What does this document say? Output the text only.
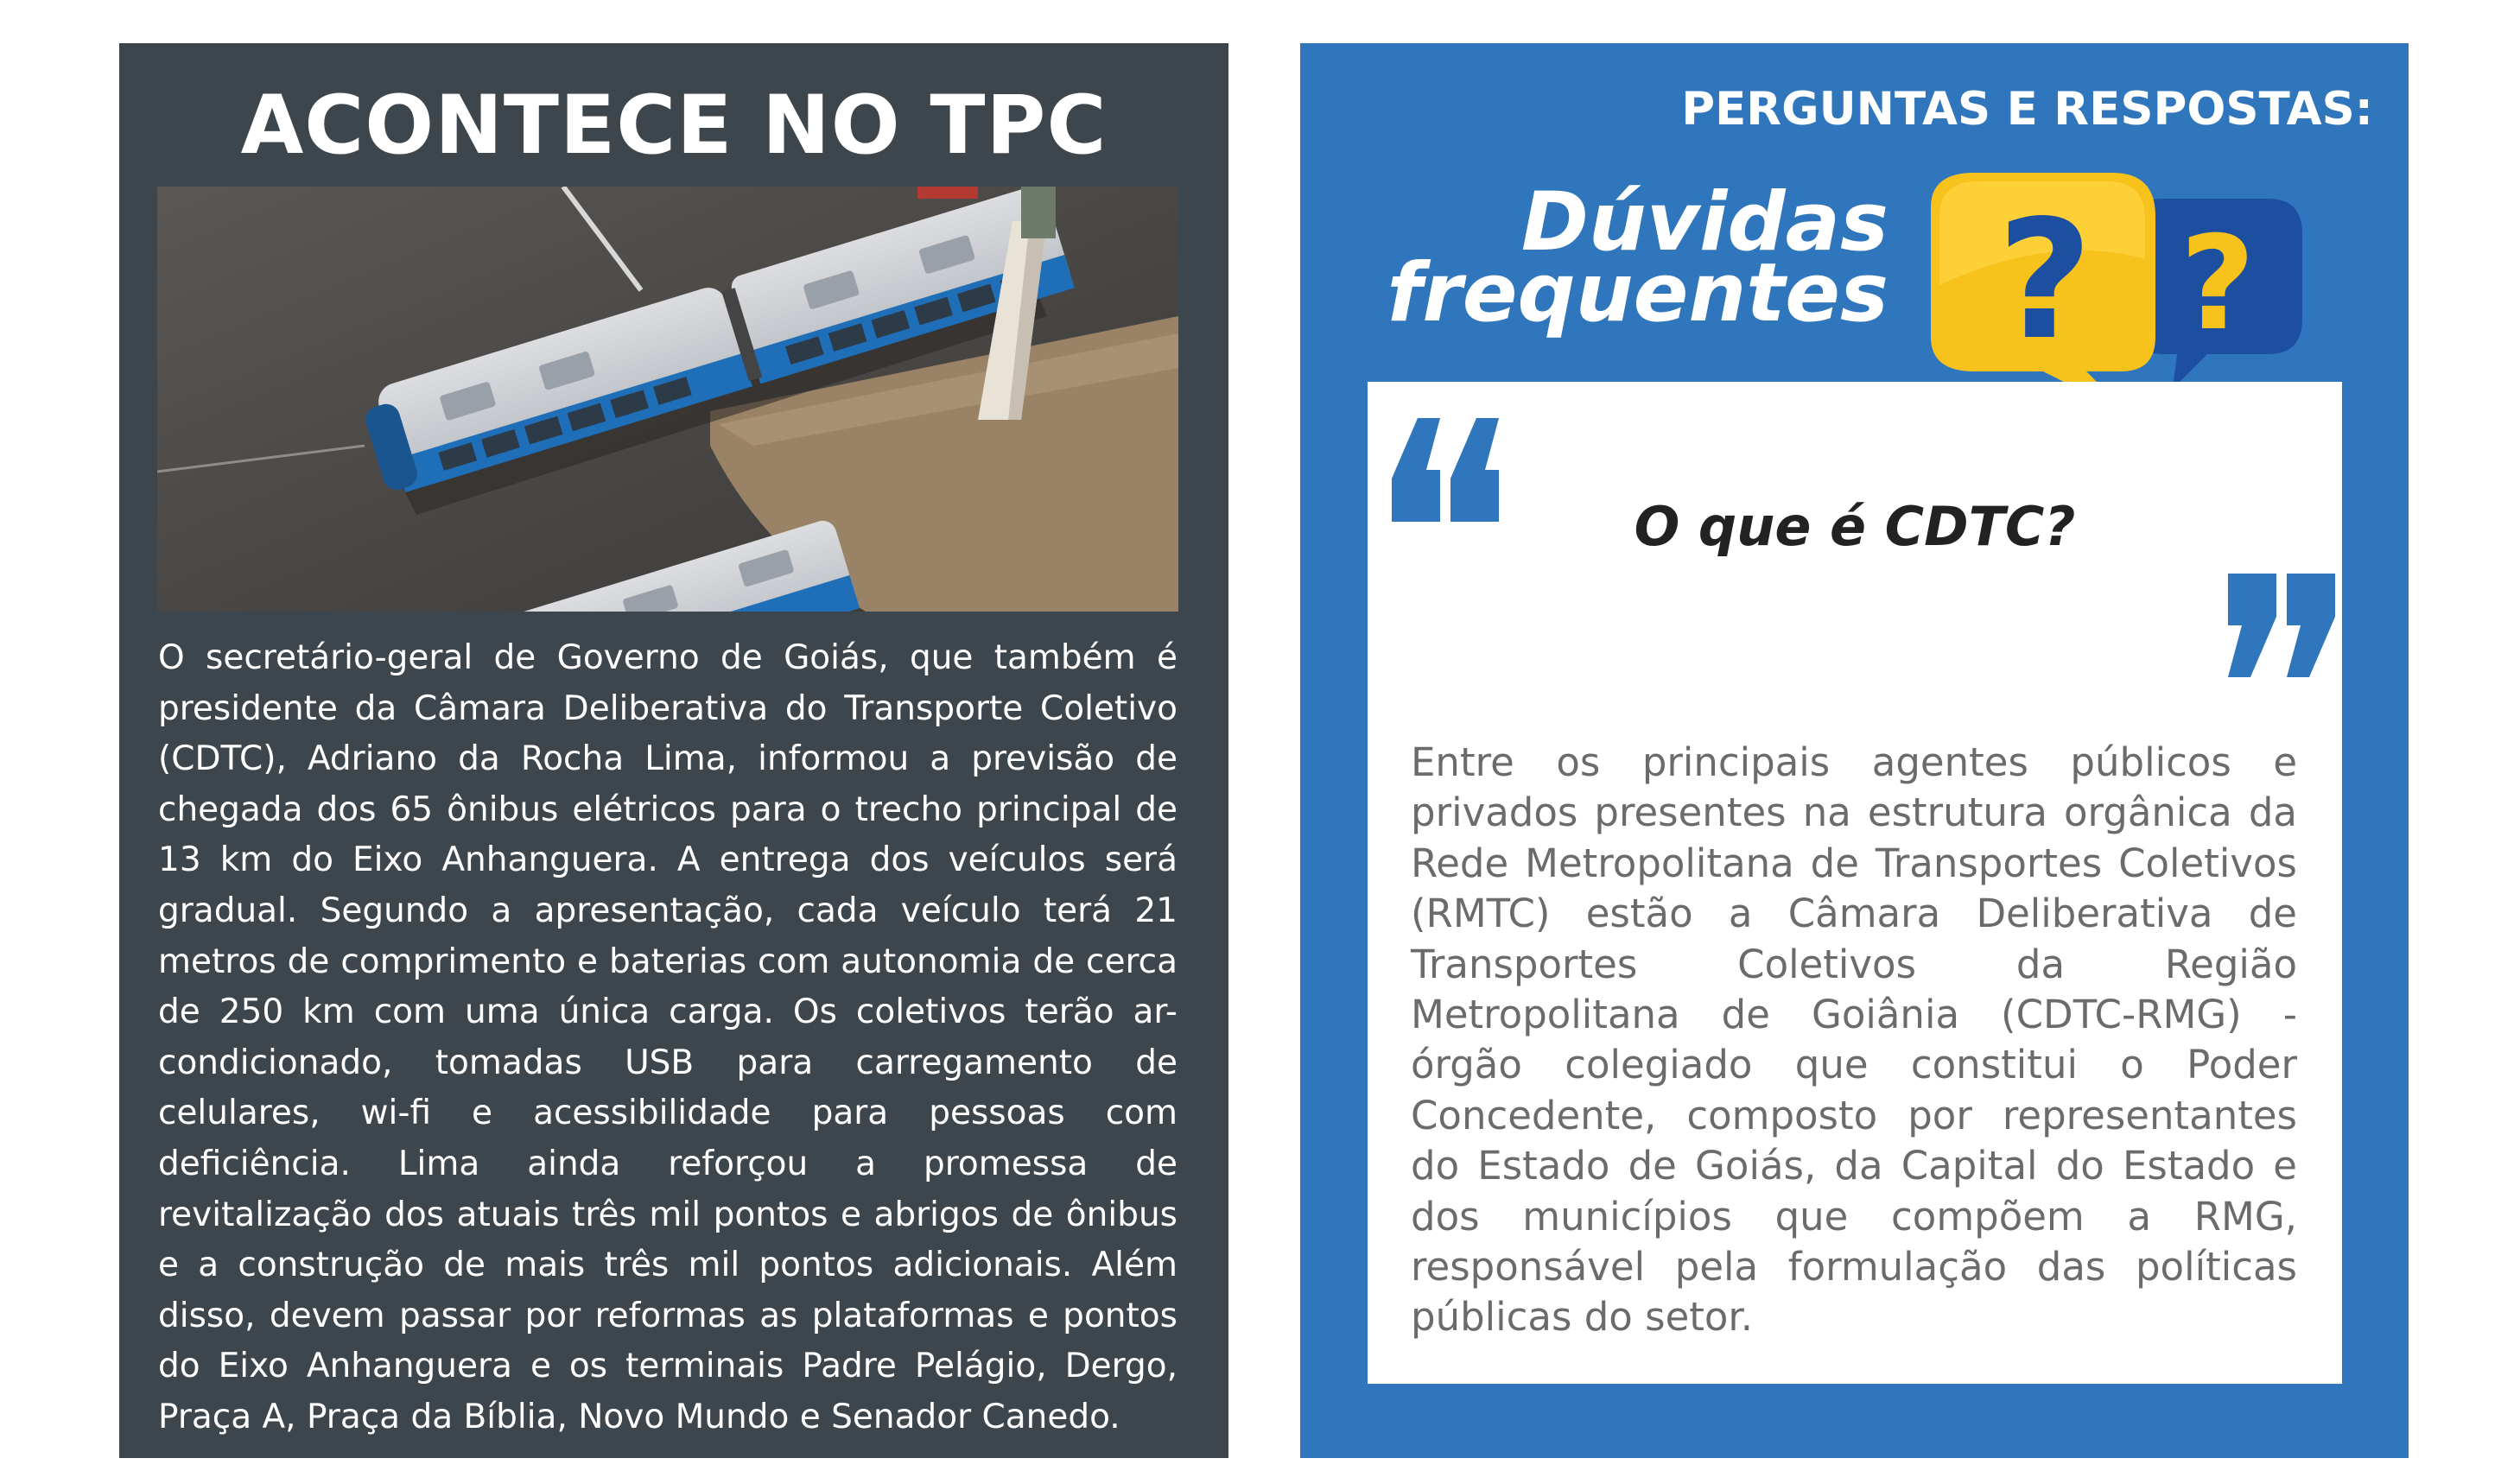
ACONTECE NO TPC

O secretário-geral de Governo de Goiás, que também é presidente da Câmara Deliberativa do Transporte Coletivo (CDTC), Adriano da Rocha Lima, informou a previsão de chegada dos 65 ônibus elétricos para o trecho principal de 13 km do Eixo Anhanguera. A entrega dos veículos será gradual. Segundo a apresentação, cada veículo terá 21 metros de comprimento e baterias com autonomia de cerca de 250 km com uma única carga. Os coletivos terão ar-condicionado, tomadas USB para carregamento de celulares, wi-fi e acessibilidade para pessoas com deficiência. Lima ainda reforçou a promessa de revitalização dos atuais três mil pontos e abrigos de ônibus e a construção de mais três mil pontos adicionais. Além disso, devem passar por reformas as plataformas e pontos do Eixo Anhanguera e os terminais Padre Pelágio, Dergo, Praça A, Praça da Bíblia, Novo Mundo e Senador Canedo.

PERGUNTAS E RESPOSTAS:

Dúvidas

frequentes ?
?

O que é CDTC?

Entre os principais agentes públicos e privados presentes na estrutura orgânica da Rede Metropolitana de Transportes Coletivos (RMTC) estão a Câmara Deliberativa de Transportes Coletivos da Região Metropolitana de Goiânia (CDTC-RMG) - órgão colegiado que constitui o Poder Concedente, composto por representantes do Estado de Goiás, da Capital do Estado e dos municípios que compõem a RMG, responsável pela formulação das políticas públicas do setor.
